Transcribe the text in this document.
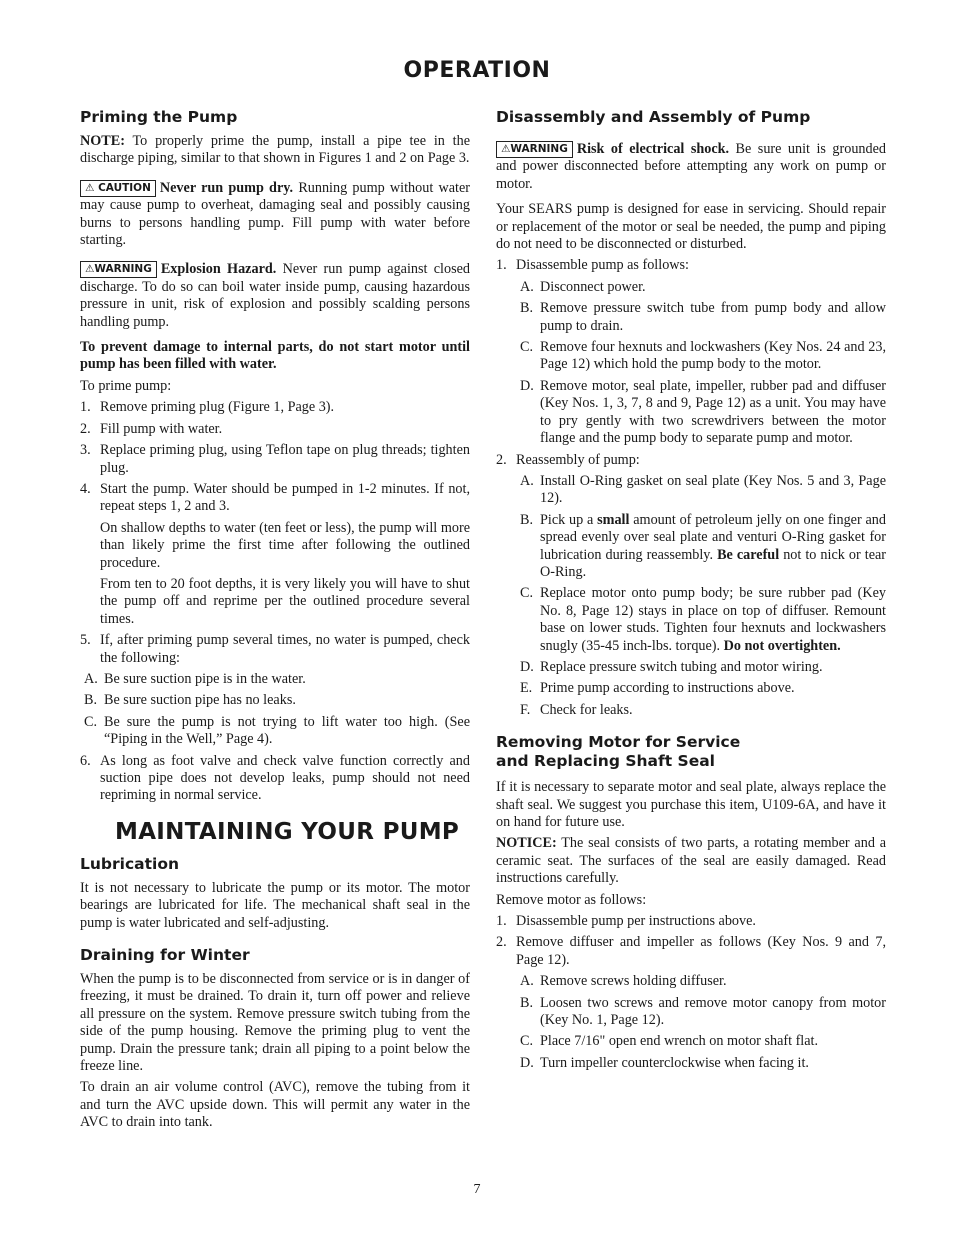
OPERATION
Priming the Pump

NOTE: To properly prime the pump, install a pipe tee in the discharge piping, similar to that shown in Figures 1 and 2 on Page 3.

⚠ CAUTION Never run pump dry. Running pump without water may cause pump to overheat, damaging seal and possibly causing burns to persons handling pump. Fill pump with water before starting.

⚠WARNING Explosion Hazard. Never run pump against closed discharge. To do so can boil water inside pump, causing hazardous pressure in unit, risk of explosion and possibly scalding persons handling pump.

To prevent damage to internal parts, do not start motor until pump has been filled with water.

To prime pump:

1. Remove priming plug (Figure 1, Page 3).
2. Fill pump with water.
3. Replace priming plug, using Teflon tape on plug threads; tighten plug.
4. Start the pump. Water should be pumped in 1-2 minutes. If not, repeat steps 1, 2 and 3.

On shallow depths to water (ten feet or less), the pump will more than likely prime the first time after following the outlined procedure.

From ten to 20 foot depths, it is very likely you will have to shut the pump off and reprime per the outlined procedure several times.

5. If, after priming pump several times, no water is pumped, check the following:
A. Be sure suction pipe is in the water.
B. Be sure suction pipe has no leaks.
C. Be sure the pump is not trying to lift water too high. (See “Piping in the Well,” Page 4).
6. As long as foot valve and check valve function correctly and suction pipe does not develop leaks, pump should not need repriming in normal service.
MAINTAINING YOUR PUMP
Lubrication

It is not necessary to lubricate the pump or its motor. The motor bearings are lubricated for life. The mechanical shaft seal in the pump is water lubricated and self-adjusting.

Draining for Winter

When the pump is to be disconnected from service or is in danger of freezing, it must be drained. To drain it, turn off power and relieve all pressure on the system. Remove pressure switch tubing from the side of the pump housing. Remove the priming plug to vent the pump. Drain the pressure tank; drain all piping to a point below the freeze line.

To drain an air volume control (AVC), remove the tubing from it and turn the AVC upside down. This will permit any water in the AVC to drain into tank.

Disassembly and Assembly of Pump

⚠WARNING Risk of electrical shock. Be sure unit is grounded and power disconnected before attempting any work on pump or motor.

Your SEARS pump is designed for ease in servicing. Should repair or replacement of the motor or seal be needed, the pump and piping do not need to be disconnected or disturbed.

1. Disassemble pump as follows:
A. Disconnect power.
B. Remove pressure switch tube from pump body and allow pump to drain.
C. Remove four hexnuts and lockwashers (Key Nos. 24 and 23, Page 12) which hold the pump body to the motor.
D. Remove motor, seal plate, impeller, rubber pad and diffuser (Key Nos. 1, 3, 7, 8 and 9, Page 12) as a unit. You may have to pry gently with two screwdrivers between the motor flange and the pump body to separate pump and motor.
2. Reassembly of pump:
A. Install O-Ring gasket on seal plate (Key Nos. 5 and 3, Page 12).
B. Pick up a small amount of petroleum jelly on one finger and spread evenly over seal plate and venturi O-Ring gasket for lubrication during reassembly. Be careful not to nick or tear O-Ring.
C. Replace motor onto pump body; be sure rubber pad (Key No. 8, Page 12) stays in place on top of diffuser. Remount base on lower studs. Tighten four hexnuts and lockwashers snugly (35-45 inch-lbs. torque). Do not overtighten.
D. Replace pressure switch tubing and motor wiring.
E. Prime pump according to instructions above.
F. Check for leaks.
Removing Motor for Service
and Replacing Shaft Seal

If it is necessary to separate motor and seal plate, always replace the shaft seal. We suggest you purchase this item, U109-6A, and have it on hand for future use.

NOTICE: The seal consists of two parts, a rotating member and a ceramic seat. The surfaces of the seal are easily damaged. Read instructions carefully.

Remove motor as follows:

1. Disassemble pump per instructions above.
2. Remove diffuser and impeller as follows (Key Nos. 9 and 7, Page 12).
A. Remove screws holding diffuser.
B. Loosen two screws and remove motor canopy from motor (Key No. 1, Page 12).
C. Place 7/16" open end wrench on motor shaft flat.
D. Turn impeller counterclockwise when facing it.
7
